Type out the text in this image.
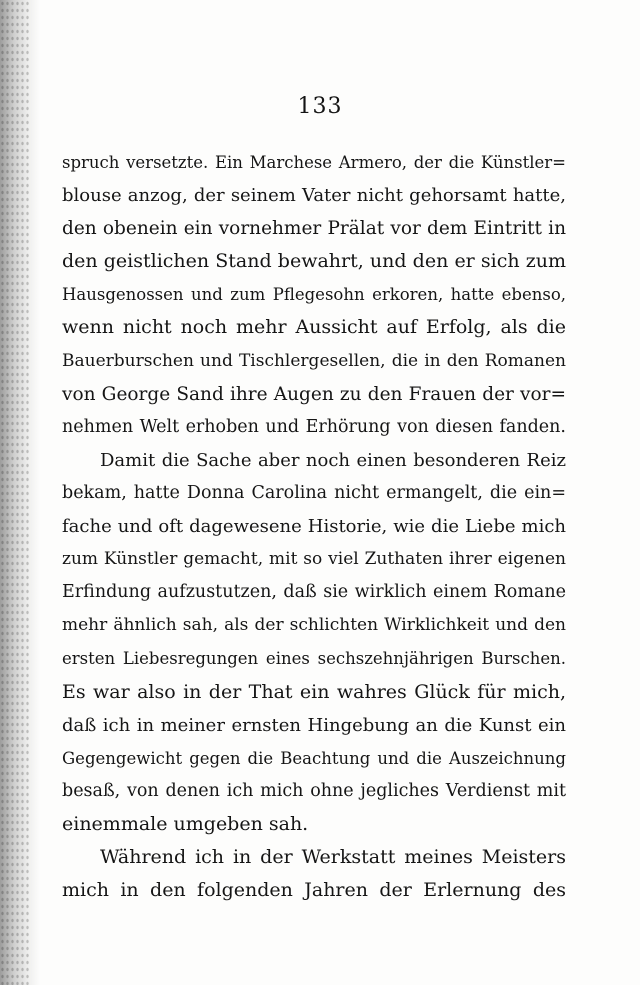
133
spruch versetzte. Ein Marchese Armero, der die Künstler=
blouse anzog, der seinem Vater nicht gehorsamt hatte,
den obenein ein vornehmer Prälat vor dem Eintritt in
den geistlichen Stand bewahrt, und den er sich zum
Hausgenossen und zum Pflegesohn erkoren, hatte ebenso,
wenn nicht noch mehr Aussicht auf Erfolg, als die
Bauerburschen und Tischlergesellen, die in den Romanen
von George Sand ihre Augen zu den Frauen der vor=
nehmen Welt erhoben und Erhörung von diesen fanden.
Damit die Sache aber noch einen besonderen Reiz
bekam, hatte Donna Carolina nicht ermangelt, die ein=
fache und oft dagewesene Historie, wie die Liebe mich
zum Künstler gemacht, mit so viel Zuthaten ihrer eigenen
Erfindung aufzustutzen, daß sie wirklich einem Romane
mehr ähnlich sah, als der schlichten Wirklichkeit und den
ersten Liebesregungen eines sechszehnjährigen Burschen.
Es war also in der That ein wahres Glück für mich,
daß ich in meiner ernsten Hingebung an die Kunst ein
Gegengewicht gegen die Beachtung und die Auszeichnung
besaß, von denen ich mich ohne jegliches Verdienst mit
einemmale umgeben sah.
Während ich in der Werkstatt meines Meisters
mich in den folgenden Jahren der Erlernung des
